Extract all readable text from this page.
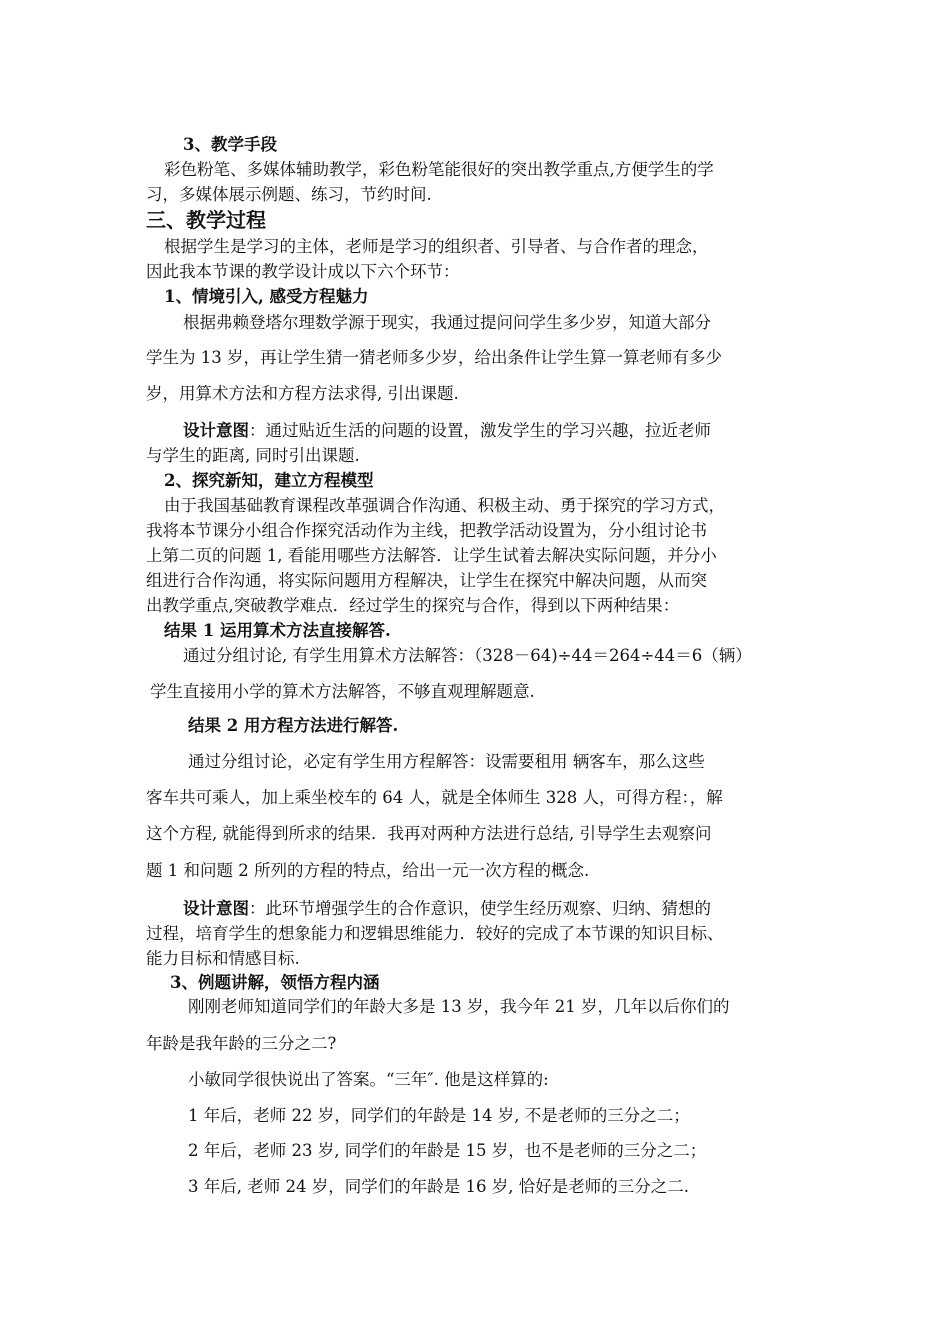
3、教学手段
彩色粉笔、多媒体辅助教学，彩色粉笔能很好的突出教学重点,方便学生的学
习，多媒体展示例题、练习，节约时间.
三、教学过程
根据学生是学习的主体，老师是学习的组织者、引导者、与合作者的理念，
因此我本节课的教学设计成以下六个环节：
1、情境引入, 感受方程魅力
根据弗赖登塔尔理数学源于现实，我通过提问问学生多少岁，知道大部分
学生为 13 岁，再让学生猜一猜老师多少岁，给出条件让学生算一算老师有多少
岁，用算术方法和方程方法求得, 引出课题.
设计意图：通过贴近生活的问题的设置，激发学生的学习兴趣，拉近老师
与学生的距离, 同时引出课题.
2、探究新知，建立方程模型
由于我国基础教育课程改革强调合作沟通、积极主动、勇于探究的学习方式，
我将本节课分小组合作探究活动作为主线，把教学活动设置为，分小组讨论书
上第二页的问题 1, 看能用哪些方法解答．让学生试着去解决实际问题，并分小
组进行合作沟通，将实际问题用方程解决，让学生在探究中解决问题，从而突
出教学重点,突破教学难点．经过学生的探究与合作，得到以下两种结果：
结果 1 运用算术方法直接解答.
通过分组讨论, 有学生用算术方法解答：（328－64)÷44＝264÷44＝6（辆）
学生直接用小学的算术方法解答，不够直观理解题意.
结果 2 用方程方法进行解答.
通过分组讨论，必定有学生用方程解答：设需要租用 辆客车，那么这些
客车共可乘人，加上乘坐校车的 64 人，就是全体师生 328 人，可得方程：，解
这个方程, 就能得到所求的结果．我再对两种方法进行总结, 引导学生去观察问
题 1 和问题 2 所列的方程的特点，给出一元一次方程的概念.
设计意图：此环节增强学生的合作意识，使学生经历观察、归纳、猜想的
过程，培育学生的想象能力和逻辑思维能力．较好的完成了本节课的知识目标、
能力目标和情感目标.
3、例题讲解，领悟方程内涵
刚刚老师知道同学们的年龄大多是 13 岁，我今年 21 岁，几年以后你们的
年龄是我年龄的三分之二?
小敏同学很快说出了答案。“三年″. 他是这样算的:
1 年后，老师 22 岁，同学们的年龄是 14 岁, 不是老师的三分之二；
2 年后，老师 23 岁, 同学们的年龄是 15 岁，也不是老师的三分之二；
3 年后, 老师 24 岁，同学们的年龄是 16 岁, 恰好是老师的三分之二.
